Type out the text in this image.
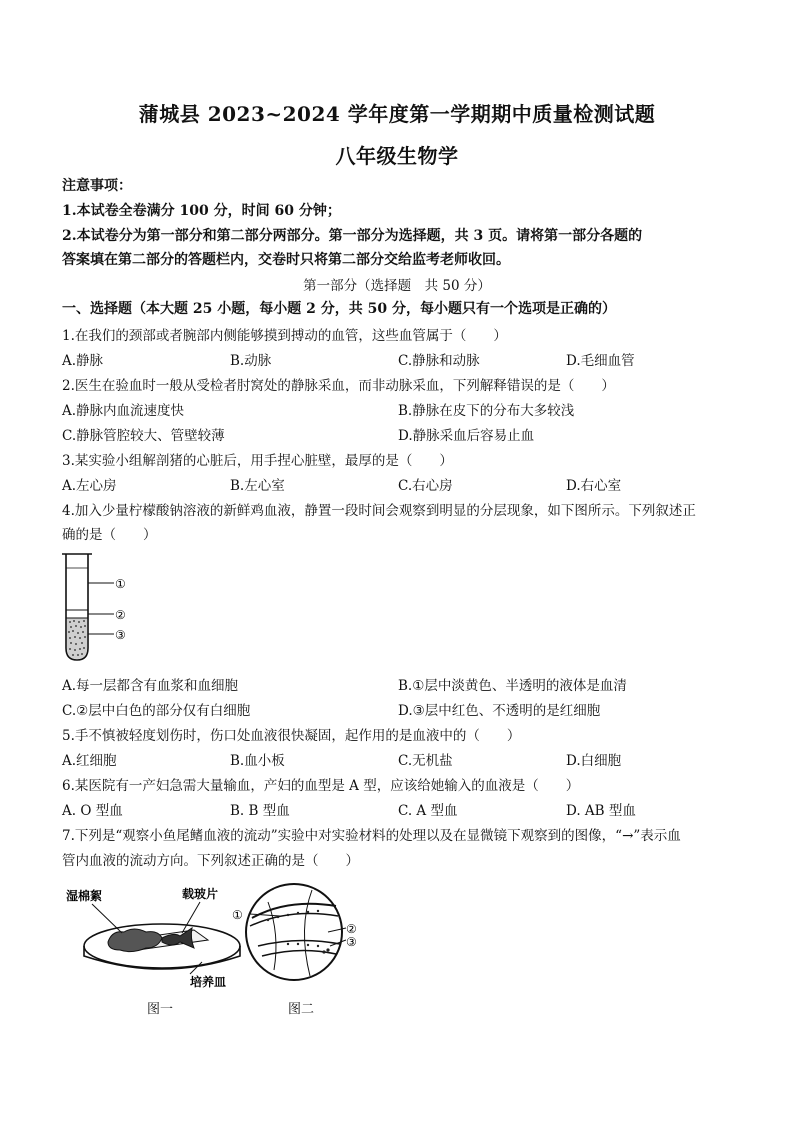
蒲城县 2023~2024 学年度第一学期期中质量检测试题
八年级生物学
注意事项：
1.本试卷全卷满分 100 分，时间 60 分钟；
2.本试卷分为第一部分和第二部分两部分。第一部分为选择题，共 3 页。请将第一部分各题的
答案填在第二部分的答题栏内，交卷时只将第二部分交给监考老师收回。
第一部分（选择题　共 50 分）
一、选择题（本大题 25 小题，每小题 2 分，共 50 分，每小题只有一个选项是正确的）
1.在我们的颈部或者腕部内侧能够摸到搏动的血管，这些血管属于（　　）
A.静脉	B.动脉	C.静脉和动脉	D.毛细血管
2.医生在验血时一般从受检者肘窝处的静脉采血，而非动脉采血，下列解释错误的是（　　）
A.静脉内血流速度快	B.静脉在皮下的分布大多较浅
C.静脉管腔较大、管壁较薄	D.静脉采血后容易止血
3.某实验小组解剖猪的心脏后，用手捏心脏壁，最厚的是（　　）
A.左心房	B.左心室	C.右心房	D.右心室
4.加入少量柠檬酸钠溶液的新鲜鸡血液，静置一段时间会观察到明显的分层现象，如下图所示。下列叙述正
确的是（　　）
①
②
③
A.每一层都含有血浆和血细胞	B.①层中淡黄色、半透明的液体是血清
C.②层中白色的部分仅有白细胞	D.③层中红色、不透明的是红细胞
5.手不慎被轻度划伤时，伤口处血液很快凝固，起作用的是血液中的（　　）
A.红细胞	B.血小板	C.无机盐	D.白细胞
6.某医院有一产妇急需大量输血，产妇的血型是 A 型，应该给她输入的血液是（　　）
A. O 型血	B. B 型血	C. A 型血	D. AB 型血
7.下列是“观察小鱼尾鳍血液的流动”实验中对实验材料的处理以及在显微镜下观察到的图像，“→”表示血
管内血液的流动方向。下列叙述正确的是（　　）
湿棉絮	载玻片
培养皿
①
②
③
图一	图二
